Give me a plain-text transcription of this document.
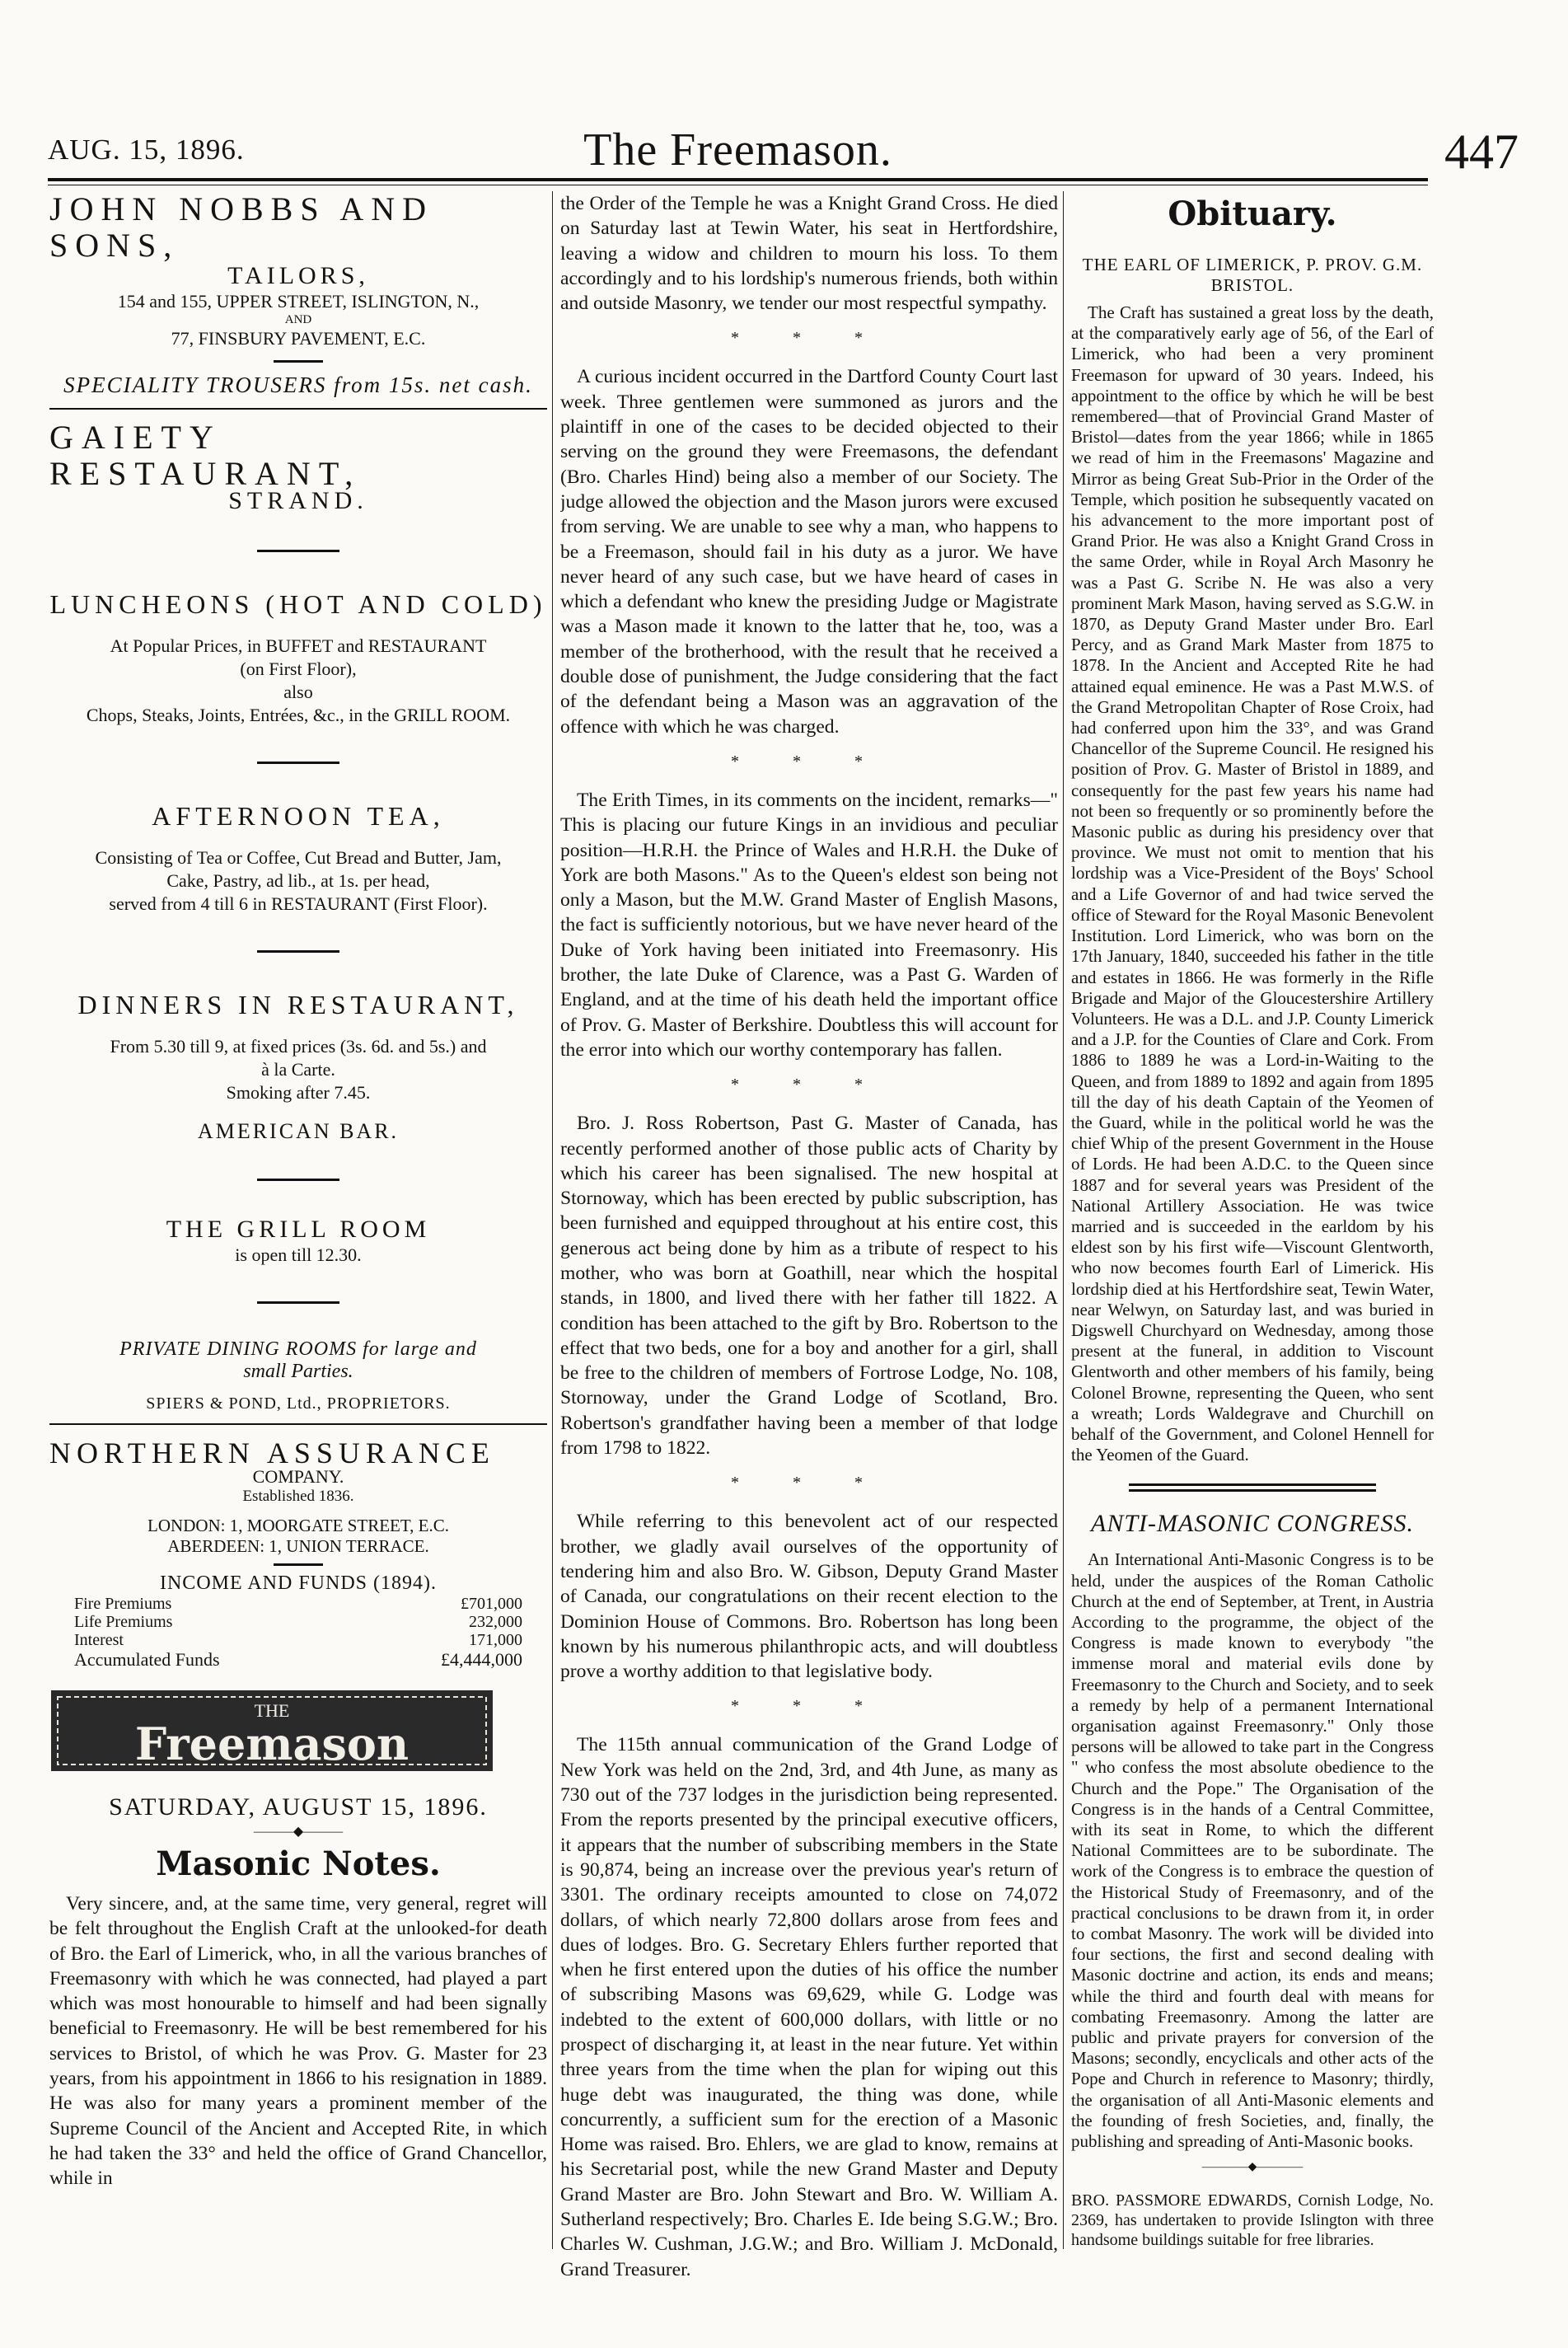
AUG. 15, 1896.	The Freemason.	447
JOHN NOBBS AND SONS,
TAILORS,
154 and 155, UPPER STREET, ISLINGTON, N.,
AND
77, FINSBURY PAVEMENT, E.C.
SPECIALITY TROUSERS from 15s. net cash.
GAIETY RESTAURANT,
STRAND.
LUNCHEONS (HOT AND COLD)
At Popular Prices, in BUFFET and RESTAURANT
(on First Floor),
also
Chops, Steaks, Joints, Entrées, &c., in the GRILL ROOM.
AFTERNOON TEA,
Consisting of Tea or Coffee, Cut Bread and Butter, Jam,
Cake, Pastry, ad lib., at 1s. per head,
served from 4 till 6 in RESTAURANT (First Floor).
DINNERS IN RESTAURANT,
From 5.30 till 9, at fixed prices (3s. 6d. and 5s.) and
à la Carte.
Smoking after 7.45.
AMERICAN BAR.
THE GRILL ROOM
is open till 12.30.
PRIVATE DINING ROOMS for large and
small Parties.
SPIERS & POND, Ltd., PROPRIETORS.
NORTHERN ASSURANCE
COMPANY.
Established 1836.
LONDON: 1, MOORGATE STREET, E.C.
ABERDEEN: 1, UNION TERRACE.
INCOME AND FUNDS (1894).
Fire Premiums	£701,000
Life Premiums	232,000
Interest	171,000
Accumulated Funds	£4,444,000
THE
Freemason
SATURDAY, AUGUST 15, 1896.
———◆———
Masonic Notes.

Very sincere, and, at the same time, very general, regret will be felt throughout the English Craft at the unlooked-for death of Bro. the Earl of Limerick, who, in all the various branches of Freemasonry with which he was connected, had played a part which was most honourable to himself and had been signally beneficial to Freemasonry. He will be best remembered for his services to Bristol, of which he was Prov. G. Master for 23 years, from his appointment in 1866 to his resignation in 1889. He was also for many years a prominent member of the Supreme Council of the Ancient and Accepted Rite, in which he had taken the 33° and held the office of Grand Chancellor, while in

the Order of the Temple he was a Knight Grand Cross. He died on Saturday last at Tewin Water, his seat in Hertfordshire, leaving a widow and children to mourn his loss. To them accordingly and to his lordship's numerous friends, both within and outside Masonry, we tender our most respectful sympathy.

* * *

A curious incident occurred in the Dartford County Court last week. Three gentlemen were summoned as jurors and the plaintiff in one of the cases to be decided objected to their serving on the ground they were Freemasons, the defendant (Bro. Charles Hind) being also a member of our Society. The judge allowed the objection and the Mason jurors were excused from serving. We are unable to see why a man, who happens to be a Freemason, should fail in his duty as a juror. We have never heard of any such case, but we have heard of cases in which a defendant who knew the presiding Judge or Magistrate was a Mason made it known to the latter that he, too, was a member of the brotherhood, with the result that he received a double dose of punishment, the Judge considering that the fact of the defendant being a Mason was an aggravation of the offence with which he was charged.

* * *

The Erith Times, in its comments on the incident, remarks—" This is placing our future Kings in an invidious and peculiar position—H.R.H. the Prince of Wales and H.R.H. the Duke of York are both Masons." As to the Queen's eldest son being not only a Mason, but the M.W. Grand Master of English Masons, the fact is sufficiently notorious, but we have never heard of the Duke of York having been initiated into Freemasonry. His brother, the late Duke of Clarence, was a Past G. Warden of England, and at the time of his death held the important office of Prov. G. Master of Berkshire. Doubtless this will account for the error into which our worthy contemporary has fallen.

* * *

Bro. J. Ross Robertson, Past G. Master of Canada, has recently performed another of those public acts of Charity by which his career has been signalised. The new hospital at Stornoway, which has been erected by public subscription, has been furnished and equipped throughout at his entire cost, this generous act being done by him as a tribute of respect to his mother, who was born at Goathill, near which the hospital stands, in 1800, and lived there with her father till 1822. A condition has been attached to the gift by Bro. Robertson to the effect that two beds, one for a boy and another for a girl, shall be free to the children of members of Fortrose Lodge, No. 108, Stornoway, under the Grand Lodge of Scotland, Bro. Robertson's grandfather having been a member of that lodge from 1798 to 1822.

* * *

While referring to this benevolent act of our respected brother, we gladly avail ourselves of the opportunity of tendering him and also Bro. W. Gibson, Deputy Grand Master of Canada, our congratulations on their recent election to the Dominion House of Commons. Bro. Robertson has long been known by his numerous philanthropic acts, and will doubtless prove a worthy addition to that legislative body.

* * *

The 115th annual communication of the Grand Lodge of New York was held on the 2nd, 3rd, and 4th June, as many as 730 out of the 737 lodges in the jurisdiction being represented. From the reports presented by the principal executive officers, it appears that the number of subscribing members in the State is 90,874, being an increase over the previous year's return of 3301. The ordinary receipts amounted to close on 74,072 dollars, of which nearly 72,800 dollars arose from fees and dues of lodges. Bro. G. Secretary Ehlers further reported that when he first entered upon the duties of his office the number of subscribing Masons was 69,629, while G. Lodge was indebted to the extent of 600,000 dollars, with little or no prospect of discharging it, at least in the near future. Yet within three years from the time when the plan for wiping out this huge debt was inaugurated, the thing was done, while concurrently, a sufficient sum for the erection of a Masonic Home was raised. Bro. Ehlers, we are glad to know, remains at his Secretarial post, while the new Grand Master and Deputy Grand Master are Bro. John Stewart and Bro. W. William A. Sutherland respectively; Bro. Charles E. Ide being S.G.W.; Bro. Charles W. Cushman, J.G.W.; and Bro. William J. McDonald, Grand Treasurer.

Obituary.
THE EARL OF LIMERICK, P. PROV. G.M.
BRISTOL.

The Craft has sustained a great loss by the death, at the comparatively early age of 56, of the Earl of Limerick, who had been a very prominent Freemason for upward of 30 years. Indeed, his appointment to the office by which he will be best remembered—that of Provincial Grand Master of Bristol—dates from the year 1866; while in 1865 we read of him in the Freemasons' Magazine and Mirror as being Great Sub-Prior in the Order of the Temple, which position he subsequently vacated on his advancement to the more important post of Grand Prior. He was also a Knight Grand Cross in the same Order, while in Royal Arch Masonry he was a Past G. Scribe N. He was also a very prominent Mark Mason, having served as S.G.W. in 1870, as Deputy Grand Master under Bro. Earl Percy, and as Grand Mark Master from 1875 to 1878. In the Ancient and Accepted Rite he had attained equal eminence. He was a Past M.W.S. of the Grand Metropolitan Chapter of Rose Croix, had had conferred upon him the 33°, and was Grand Chancellor of the Supreme Council. He resigned his position of Prov. G. Master of Bristol in 1889, and consequently for the past few years his name had not been so frequently or so prominently before the Masonic public as during his presidency over that province. We must not omit to mention that his lordship was a Vice-President of the Boys' School and a Life Governor of and had twice served the office of Steward for the Royal Masonic Benevolent Institution. Lord Limerick, who was born on the 17th January, 1840, succeeded his father in the title and estates in 1866. He was formerly in the Rifle Brigade and Major of the Gloucestershire Artillery Volunteers. He was a D.L. and J.P. County Limerick and a J.P. for the Counties of Clare and Cork. From 1886 to 1889 he was a Lord-in-Waiting to the Queen, and from 1889 to 1892 and again from 1895 till the day of his death Captain of the Yeomen of the Guard, while in the political world he was the chief Whip of the present Government in the House of Lords. He had been A.D.C. to the Queen since 1887 and for several years was President of the National Artillery Association. He was twice married and is succeeded in the earldom by his eldest son by his first wife—Viscount Glentworth, who now becomes fourth Earl of Limerick. His lordship died at his Hertfordshire seat, Tewin Water, near Welwyn, on Saturday last, and was buried in Digswell Churchyard on Wednesday, among those present at the funeral, in addition to Viscount Glentworth and other members of his family, being Colonel Browne, representing the Queen, who sent a wreath; Lords Waldegrave and Churchill on behalf of the Government, and Colonel Hennell for the Yeomen of the Guard.

ANTI-MASONIC CONGRESS.

An International Anti-Masonic Congress is to be held, under the auspices of the Roman Catholic Church at the end of September, at Trent, in Austria According to the programme, the object of the Congress is made known to everybody "the immense moral and material evils done by Freemasonry to the Church and Society, and to seek a remedy by help of a permanent International organisation against Freemasonry." Only those persons will be allowed to take part in the Congress " who confess the most absolute obedience to the Church and the Pope." The Organisation of the Congress is in the hands of a Central Committee, with its seat in Rome, to which the different National Committees are to be subordinate. The work of the Congress is to embrace the question of the Historical Study of Freemasonry, and of the practical conclusions to be drawn from it, in order to combat Masonry. The work will be divided into four sections, the first and second dealing with Masonic doctrine and action, its ends and means; while the third and fourth deal with means for combating Freemasonry. Among the latter are public and private prayers for conversion of the Masons; secondly, encyclicals and other acts of the Pope and Church in reference to Masonry; thirdly, the organisation of all Anti-Masonic elements and the founding of fresh Societies, and, finally, the publishing and spreading of Anti-Masonic books.

————◆————

BRO. PASSMORE EDWARDS, Cornish Lodge, No. 2369, has undertaken to provide Islington with three handsome buildings suitable for free libraries.
